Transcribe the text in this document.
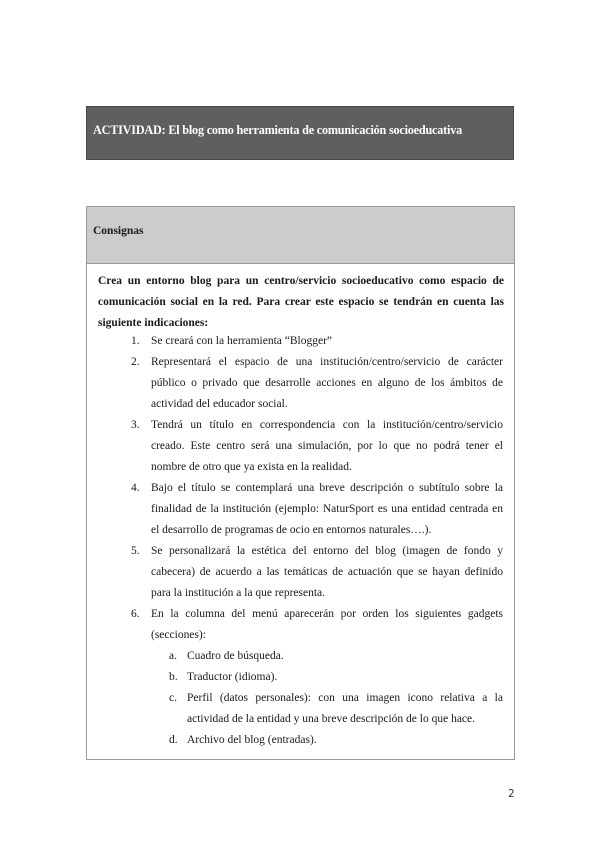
ACTIVIDAD: El blog como herramienta de comunicación socioeducativa
Consignas
Crea un entorno blog para un centro/servicio socioeducativo como espacio de comunicación social en la red. Para crear este espacio se tendrán en cuenta las siguiente indicaciones:
1. Se creará con la herramienta “Blogger”
2. Representará el espacio de una institución/centro/servicio de carácter público o privado que desarrolle acciones en alguno de los ámbitos de actividad del educador social.
3. Tendrá un título en correspondencia con la institución/centro/servicio creado. Este centro será una simulación, por lo que no podrá tener el nombre de otro que ya exista en la realidad.
4. Bajo el título se contemplará una breve descripción o subtítulo sobre la finalidad de la institución (ejemplo: NaturSport es una entidad centrada en el desarrollo de programas de ocio en entornos naturales….).
5. Se personalizará la estética del entorno del blog (imagen de fondo y cabecera) de acuerdo a las temáticas de actuación que se hayan definido para la institución a la que representa.
6. En la columna del menú aparecerán por orden los siguientes gadgets (secciones):
a. Cuadro de búsqueda.
b. Traductor (idioma).
c. Perfil (datos personales): con una imagen icono relativa a la actividad de la entidad y una breve descripción de lo que hace.
d. Archivo del blog (entradas).
2
